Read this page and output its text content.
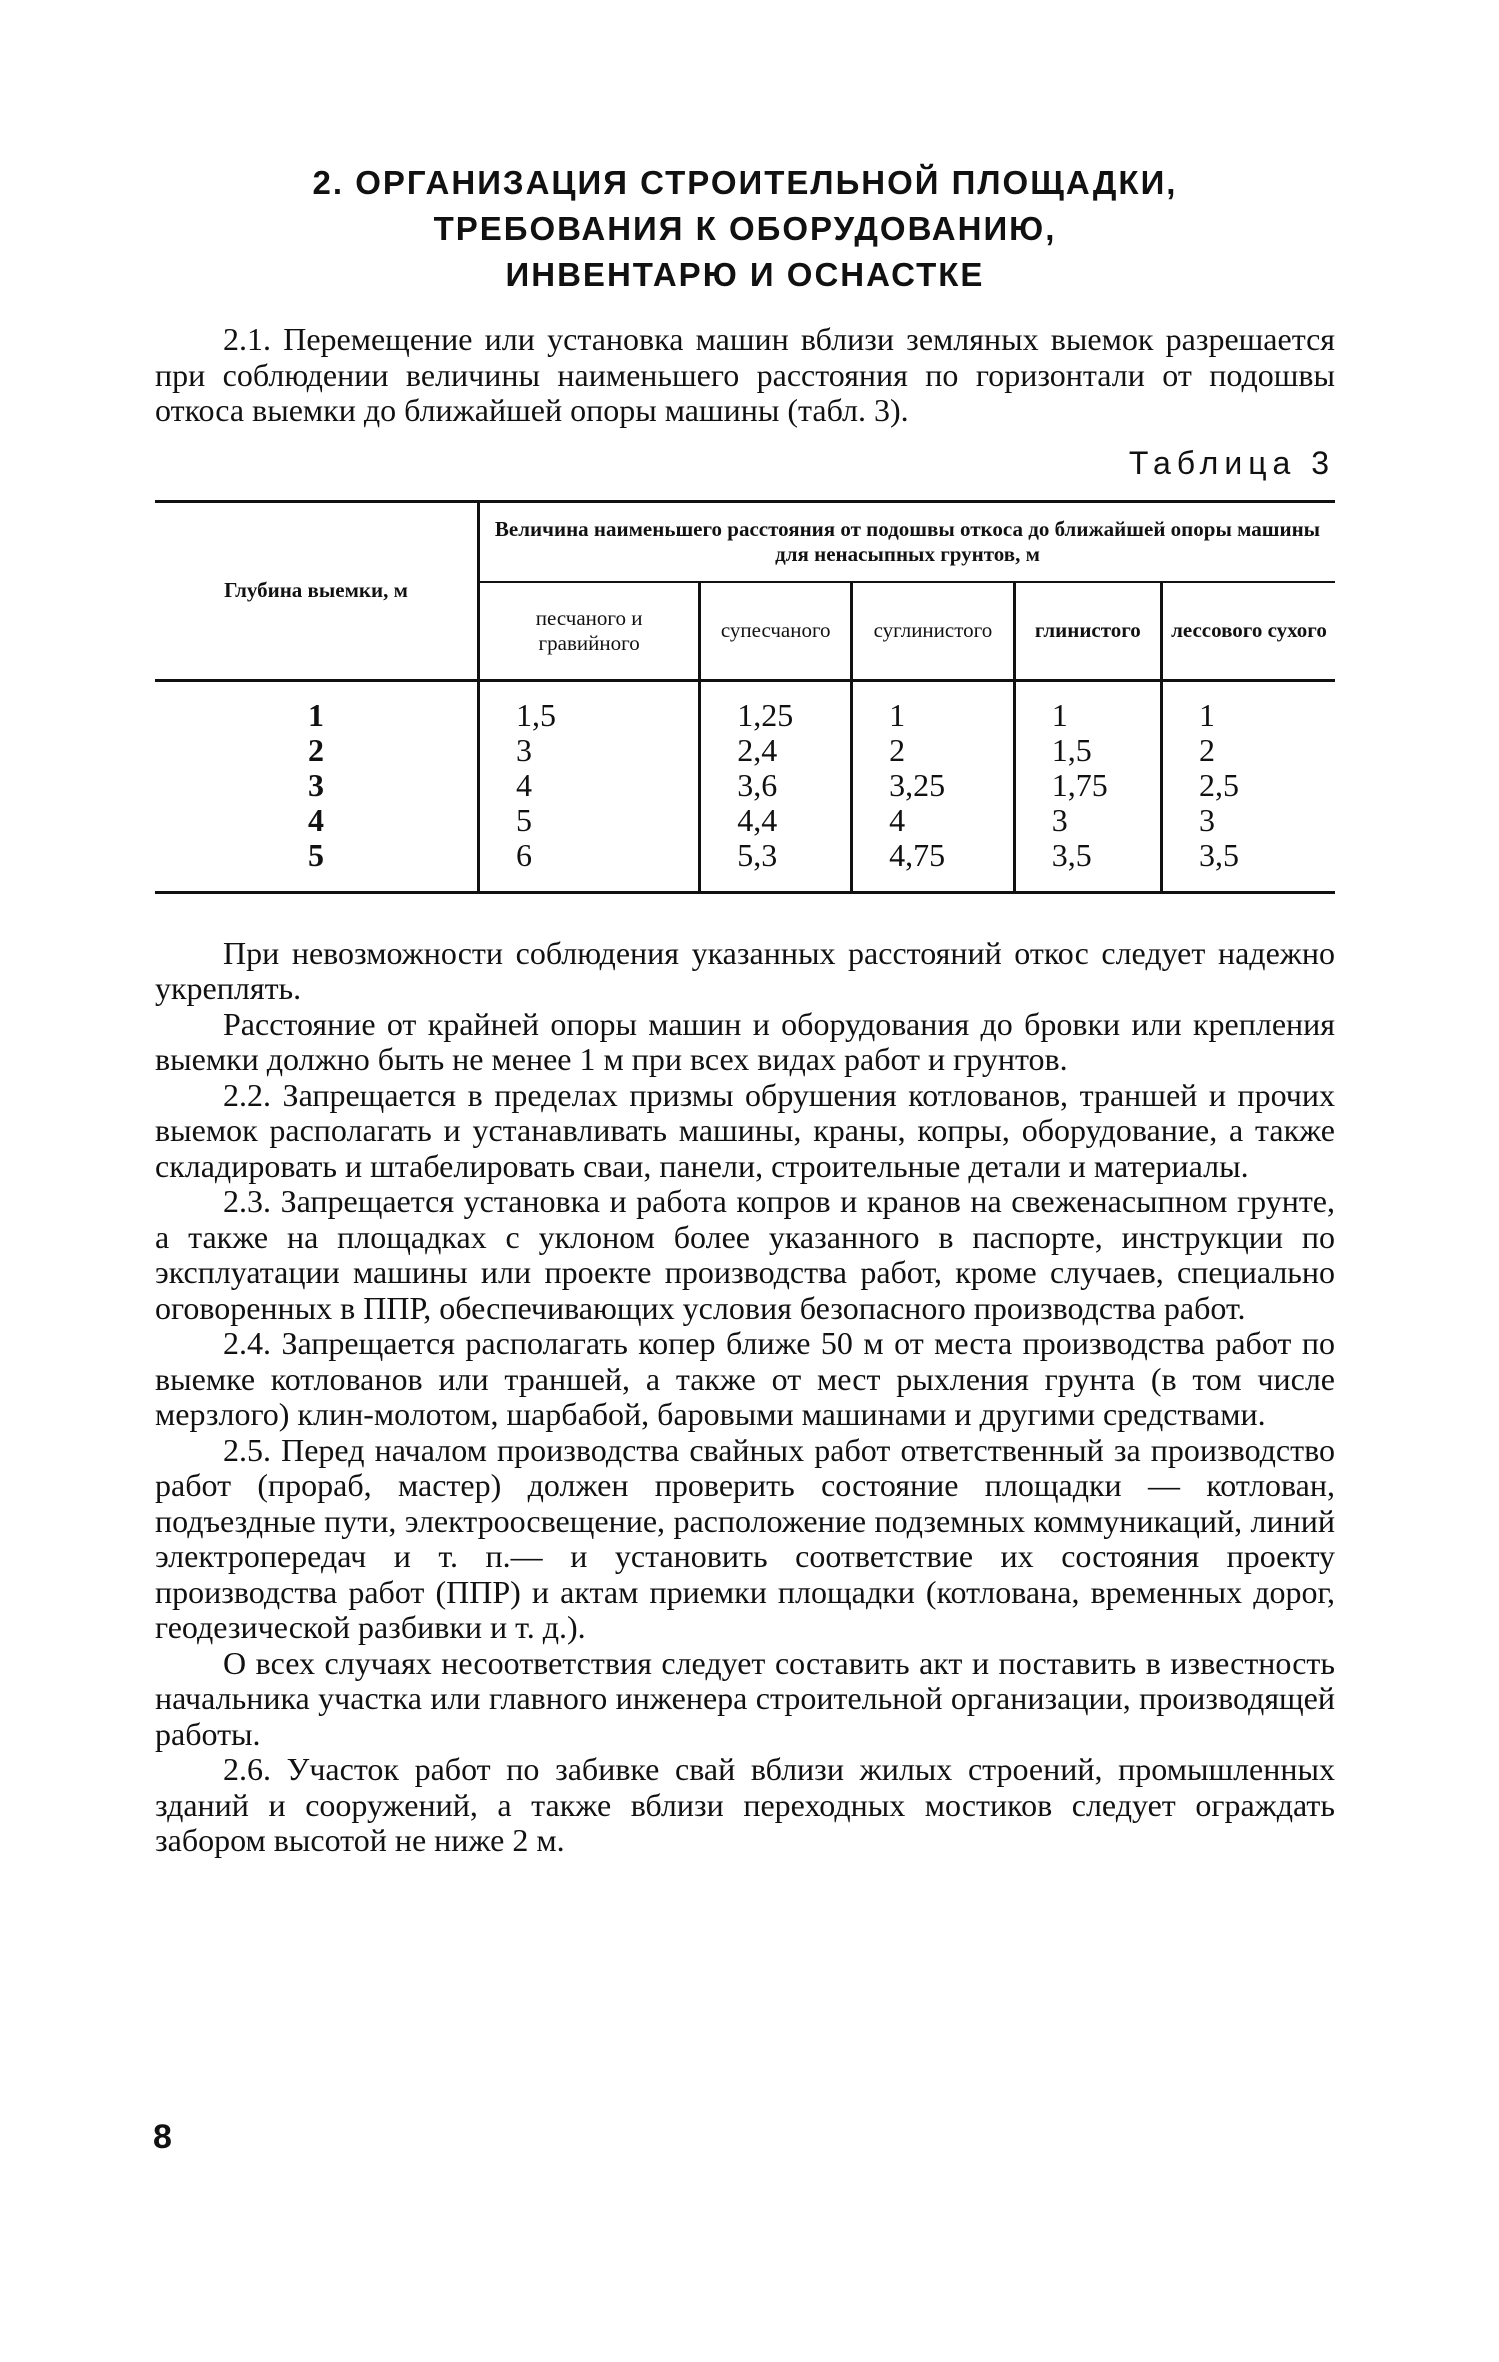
2. ОРГАНИЗАЦИЯ СТРОИТЕЛЬНОЙ ПЛОЩАДКИ,
ТРЕБОВАНИЯ К ОБОРУДОВАНИЮ,
ИНВЕНТАРЮ И ОСНАСТКЕ

2.1. Перемещение или установка машин вблизи земляных выемок разрешается при соблюдении величины наименьшего расстояния по горизонтали от подошвы откоса выемки до ближайшей опоры машины (табл. 3).

Таблица 3
Глубина выемки, м	Величина наименьшего расстояния от подошвы откоса до ближайшей опоры машины для ненасыпных грунтов, м				
	песчаного и гравийного	супесчаного	суглинистого	глинистого	лессового сухого
1	1,5	1,25	1	1	1
2	3	2,4	2	1,5	2
3	4	3,6	3,25	1,75	2,5
4	5	4,4	4	3	3
5	6	5,3	4,75	3,5	3,5

При невозможности соблюдения указанных расстояний откос следует надежно укреплять.

Расстояние от крайней опоры машин и оборудования до бровки или крепления выемки должно быть не менее 1 м при всех видах работ и грунтов.

2.2. Запрещается в пределах призмы обрушения котлованов, траншей и прочих выемок располагать и устанавливать машины, краны, копры, оборудование, а также складировать и штабелировать сваи, панели, строительные детали и материалы.

2.3. Запрещается установка и работа копров и кранов на свеженасыпном грунте, а также на площадках с уклоном более указанного в паспорте, инструкции по эксплуатации машины или проекте производства работ, кроме случаев, специально оговоренных в ППР, обеспечивающих условия безопасного производства работ.

2.4. Запрещается располагать копер ближе 50 м от места производства работ по выемке котлованов или траншей, а также от мест рыхления грунта (в том числе мерзлого) клин-молотом, шарбабой, баровыми машинами и другими средствами.

2.5. Перед началом производства свайных работ ответственный за производство работ (прораб, мастер) должен проверить состояние площадки — котлован, подъездные пути, электроосвещение, расположение подземных коммуникаций, линий электропередач и т. п.— и установить соответствие их состояния проекту производства работ (ППР) и актам приемки площадки (котлована, временных дорог, геодезической разбивки и т. д.).

О всех случаях несоответствия следует составить акт и поставить в известность начальника участка или главного инженера строительной организации, производящей работы.

2.6. Участок работ по забивке свай вблизи жилых строений, промышленных зданий и сооружений, а также вблизи переходных мостиков следует ограждать забором высотой не ниже 2 м.

8
